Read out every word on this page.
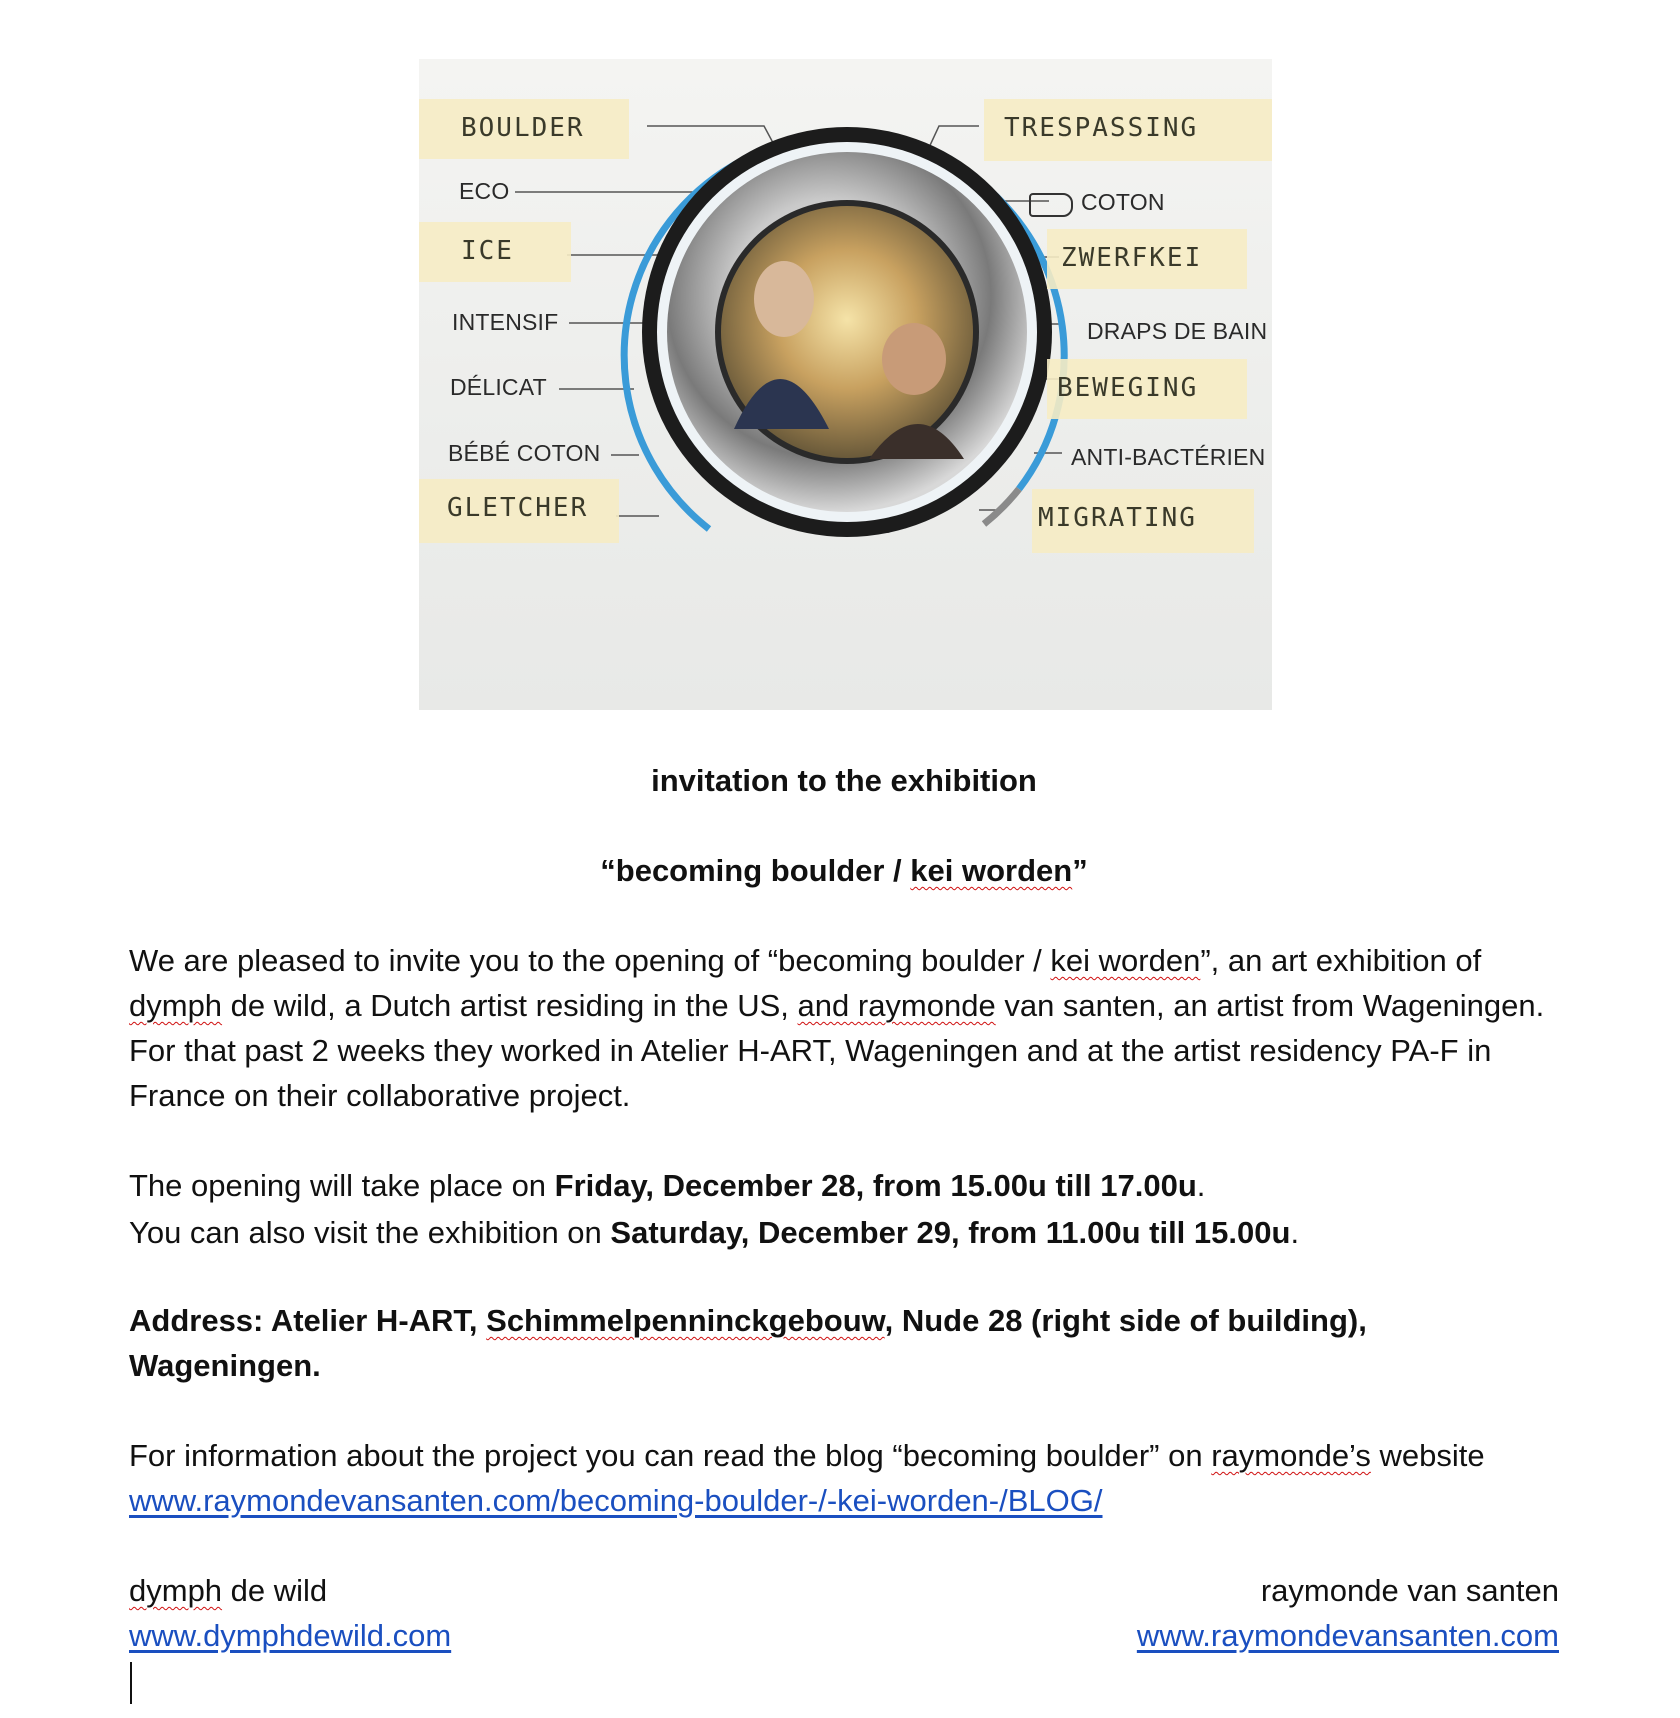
BOULDER
ICE
GLETCHER
TRESPASSING
ZWERFKEI
BEWEGING
MIGRATING
ECO
INTENSIF
DÉLICAT
BÉBÉ COTON
COTON
DRAPS DE BAIN
ANTI-BACTÉRIEN
invitation to the exhibition
“becoming boulder / kei worden”
We are pleased to invite you to the opening of “becoming boulder / kei worden”, an art exhibition of dymph de wild, a Dutch artist residing in the US, and raymonde van santen, an artist from Wageningen. For that past 2 weeks they worked in Atelier H-ART, Wageningen and at the artist residency PA-F in France on their collaborative project.
The opening will take place on Friday, December 28, from 15.00u till 17.00u.
You can also visit the exhibition on Saturday, December 29, from 11.00u till 15.00u.
Address: Atelier H-ART, Schimmelpenninckgebouw, Nude 28 (right side of building), Wageningen.
For information about the project you can read the blog “becoming boulder” on raymonde’s website www.raymondevansanten.com/becoming-boulder-/-kei-worden-/BLOG/
dymph de wild	raymonde van santen
www.dymphdewild.com	www.raymondevansanten.com
